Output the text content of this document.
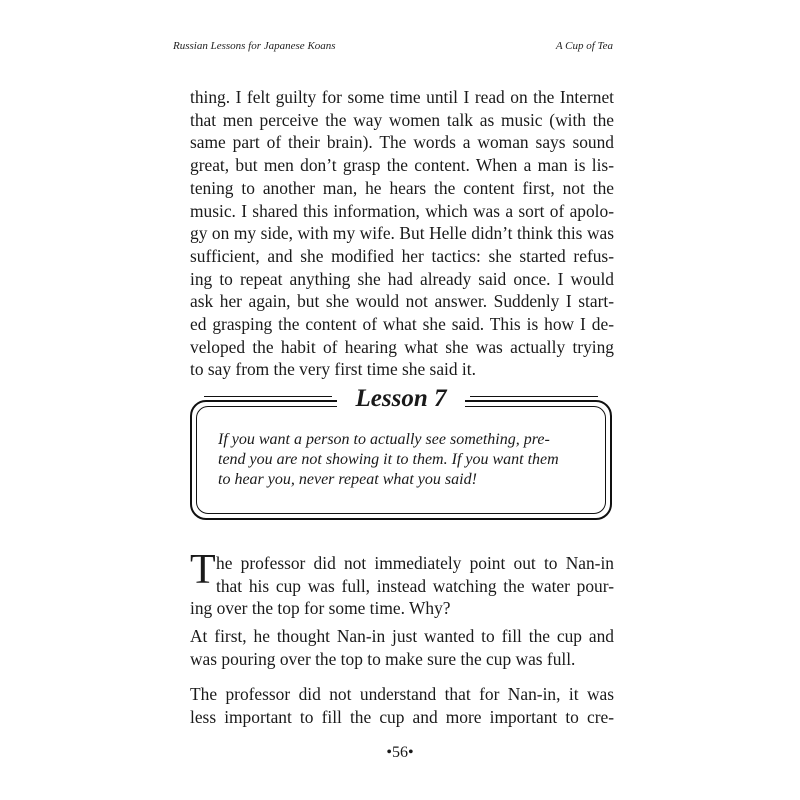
Russian Lessons for Japanese Koans	A Cup of Tea
thing. I felt guilty for some time until I read on the Internet
that men perceive the way women talk as music (with the
same part of their brain). The words a woman says sound
great, but men don’t grasp the content. When a man is lis-
tening to another man, he hears the content first, not the
music. I shared this information, which was a sort of apolo-
gy on my side, with my wife. But Helle didn’t think this was
sufficient, and she modified her tactics: she started refus-
ing to repeat anything she had already said once. I would
ask her again, but she would not answer. Suddenly I start-
ed grasping the content of what she said. This is how I de-
veloped the habit of hearing what she was actually trying
to say from the very first time she said it.
Lesson 7
If you want a person to actually see something, pre-
tend you are not showing it to them. If you want them
to hear you, never repeat what you said!
T he professor did not immediately point out to Nan-in
that his cup was full, instead watching the water pour-
ing over the top for some time. Why?
At first, he thought Nan-in just wanted to fill the cup and
was pouring over the top to make sure the cup was full.
The professor did not understand that for Nan-in, it was
less important to fill the cup and more important to cre-
•56•
